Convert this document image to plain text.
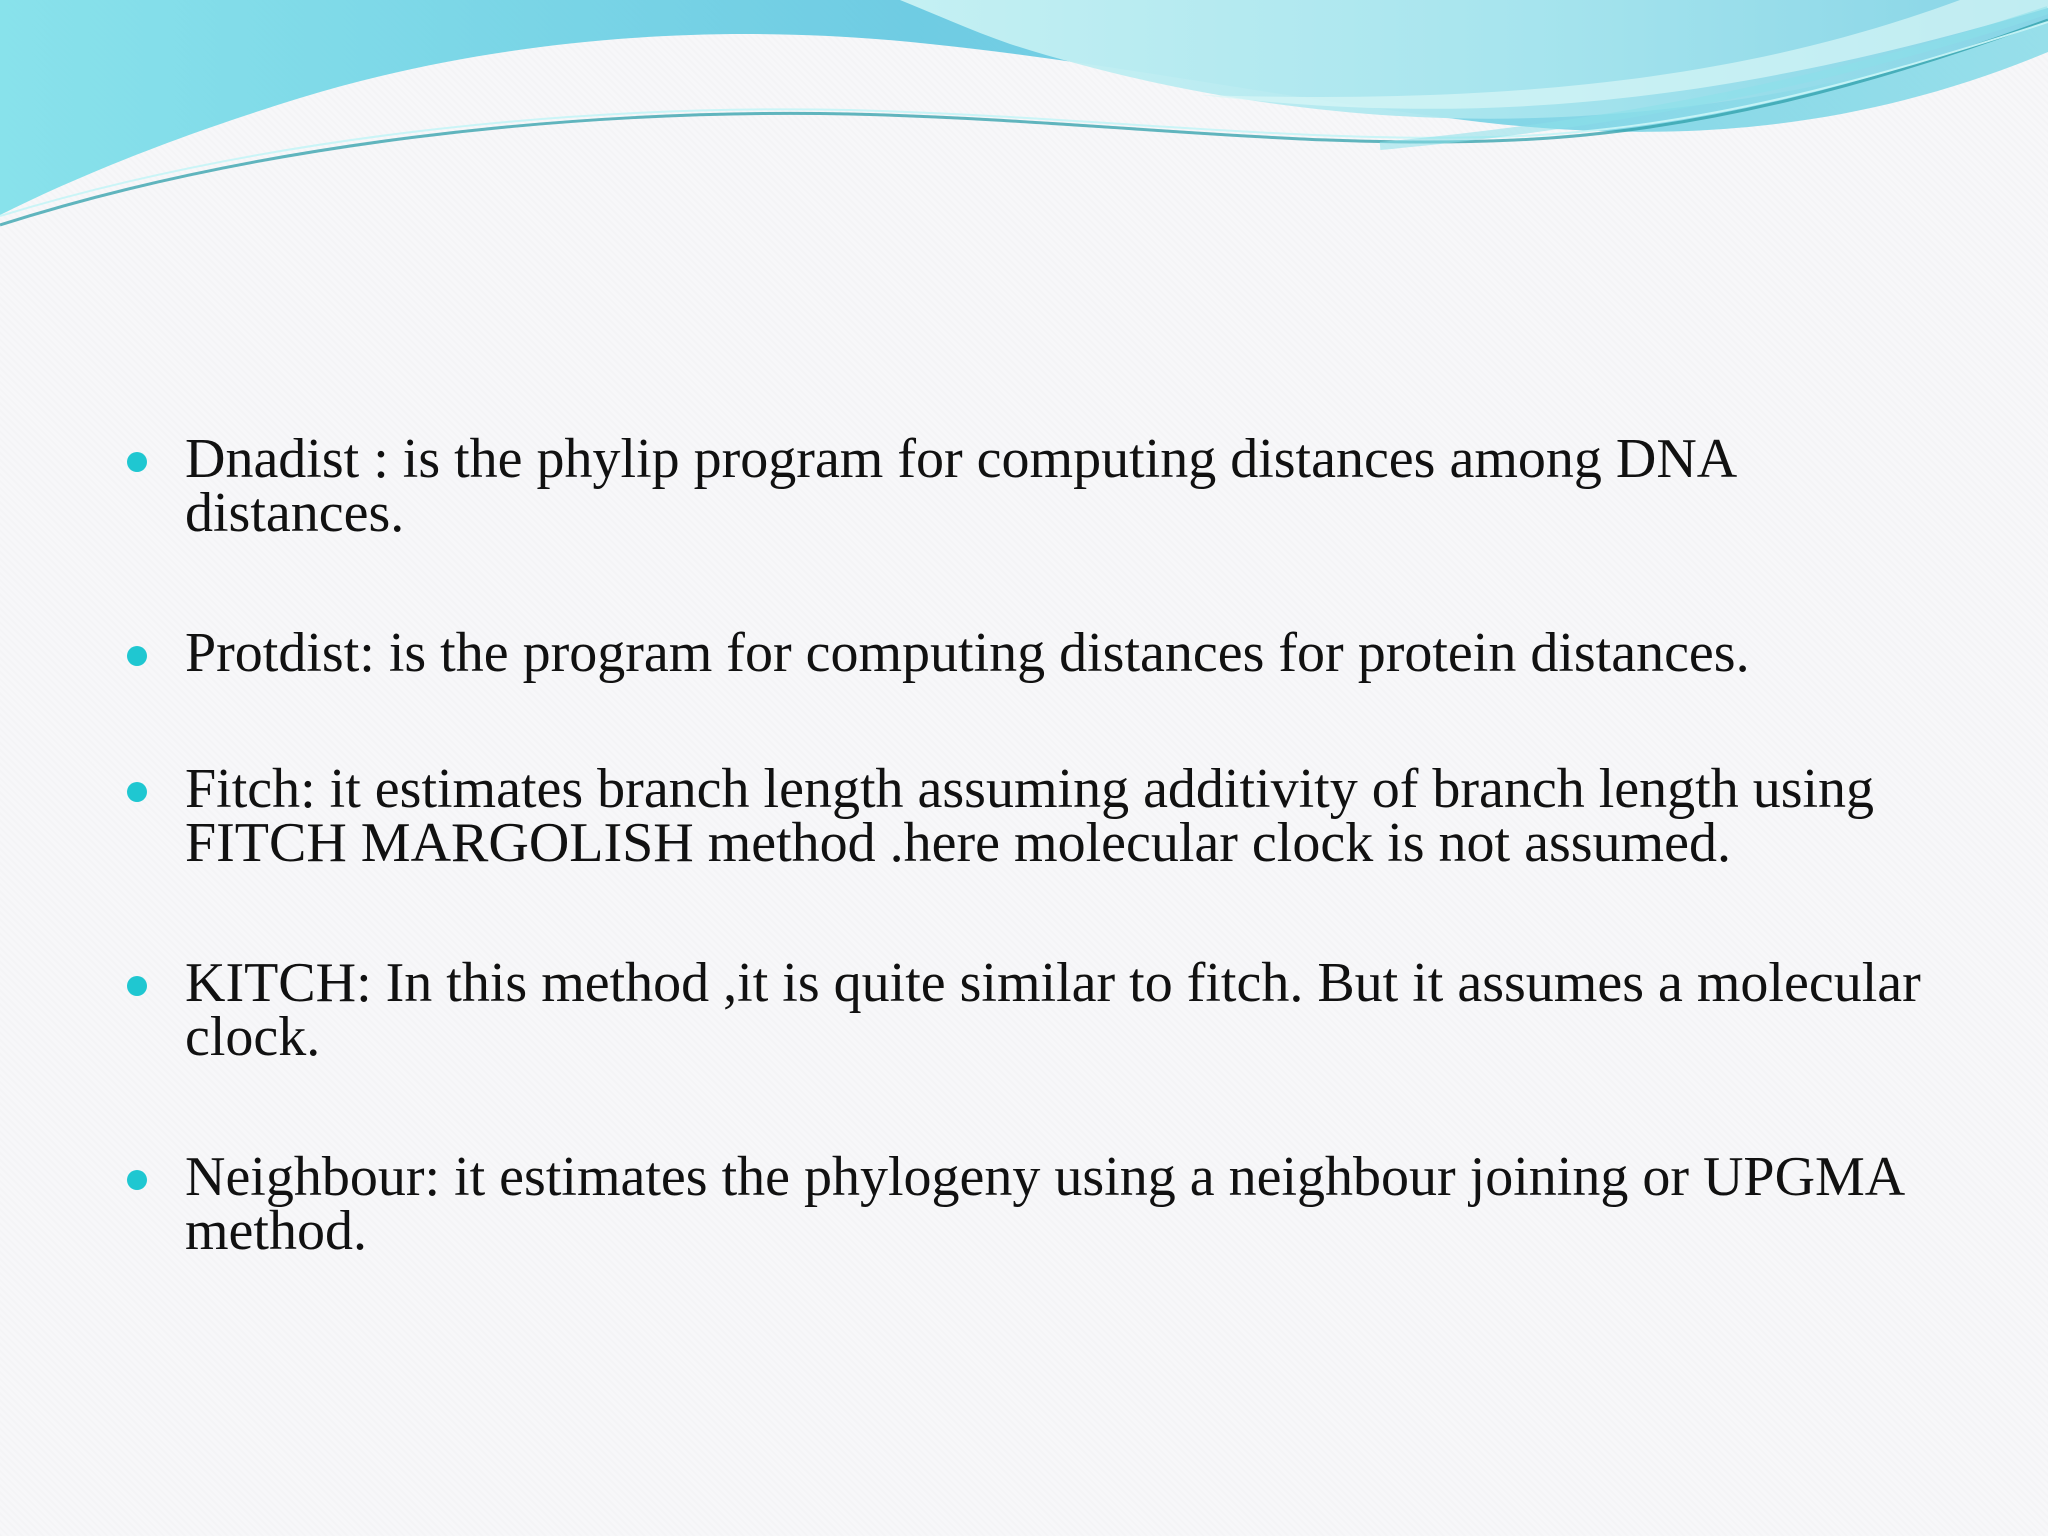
Dnadist : is the phylip program for computing distances among DNA distances.
Protdist: is the program for computing distances for protein distances.
Fitch: it estimates branch length assuming additivity of branch length using FITCH MARGOLISH method .here molecular clock is not assumed.
KITCH: In this method ,it is quite similar to fitch. But it assumes a molecular clock.
Neighbour: it estimates the phylogeny using a neighbour joining or UPGMA method.
